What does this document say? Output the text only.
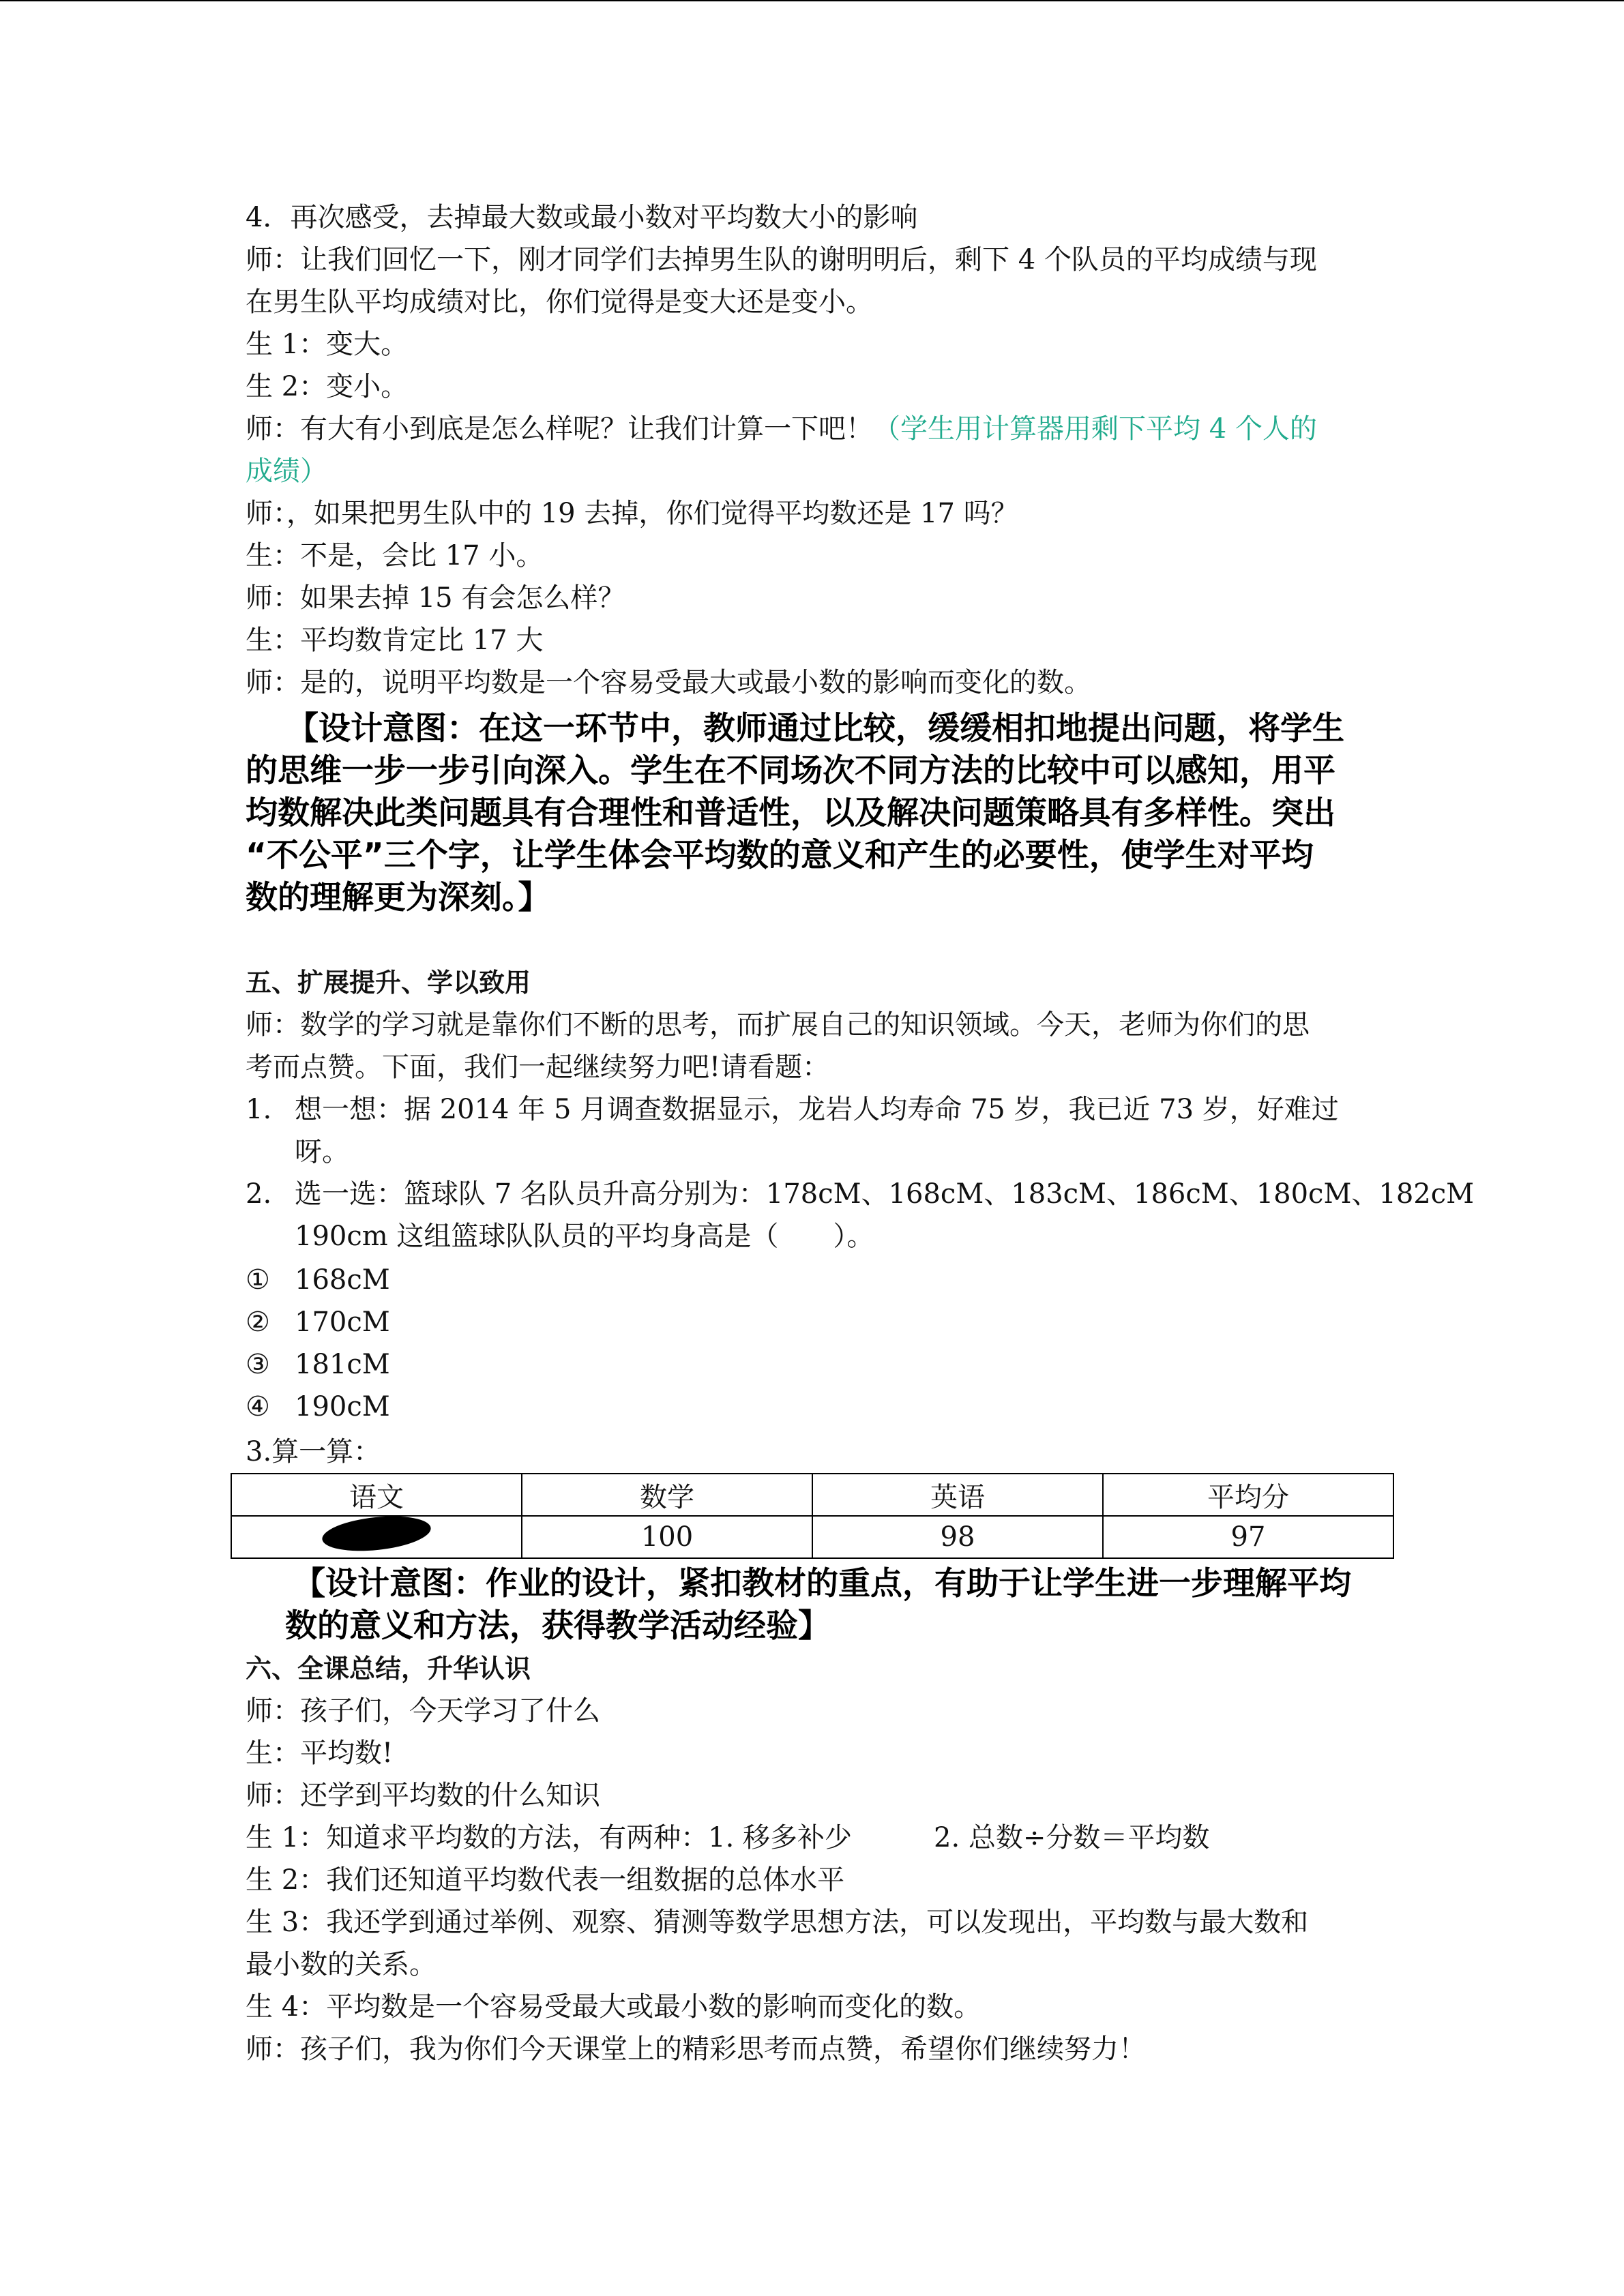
4．再次感受，去掉最大数或最小数对平均数大小的影响
师：让我们回忆一下，刚才同学们去掉男生队的谢明明后，剩下 4 个队员的平均成绩与现
在男生队平均成绩对比，你们觉得是变大还是变小。
生 1：变大。
生 2：变小。
师：有大有小到底是怎么样呢？让我们计算一下吧！（学生用计算器用剩下平均 4 个人的
成绩）
师：，如果把男生队中的 19 去掉，你们觉得平均数还是 17 吗？
生：不是，会比 17 小。
师：如果去掉 15 有会怎么样？
生：平均数肯定比 17 大
师：是的，说明平均数是一个容易受最大或最小数的影响而变化的数。
【设计意图：在这一环节中，教师通过比较，缓缓相扣地提出问题，将学生
的思维一步一步引向深入。学生在不同场次不同方法的比较中可以感知，用平
均数解决此类问题具有合理性和普适性，以及解决问题策略具有多样性。突出
“不公平”三个字，让学生体会平均数的意义和产生的必要性，使学生对平均
数的理解更为深刻。】
五、扩展提升、学以致用
师：数学的学习就是靠你们不断的思考，而扩展自己的知识领域。今天，老师为你们的思
考而点赞。下面，我们一起继续努力吧!请看题：
1. 想一想：据 2014 年 5 月调查数据显示，龙岩人均寿命 75 岁，我已近 73 岁，好难过
呀。
2. 选一选：篮球队 7 名队员升高分别为：178cM、168cM、183cM、186cM、180cM、182cM
190cm 这组篮球队队员的平均身高是（　　）。
① 168cM
② 170cM
③ 181cM
④ 190cM
3.算一算：
语文	数学	英语	平均分
	100	98	97
【设计意图：作业的设计，紧扣教材的重点，有助于让学生进一步理解平均
数的意义和方法，获得教学活动经验】
六、全课总结，升华认识
师：孩子们，今天学习了什么
生：平均数!
师：还学到平均数的什么知识
生 1：知道求平均数的方法，有两种：1. 移多补少　　　2. 总数÷分数＝平均数
生 2：我们还知道平均数代表一组数据的总体水平
生 3：我还学到通过举例、观察、猜测等数学思想方法，可以发现出，平均数与最大数和
最小数的关系。
生 4：平均数是一个容易受最大或最小数的影响而变化的数。
师：孩子们，我为你们今天课堂上的精彩思考而点赞，希望你们继续努力！
